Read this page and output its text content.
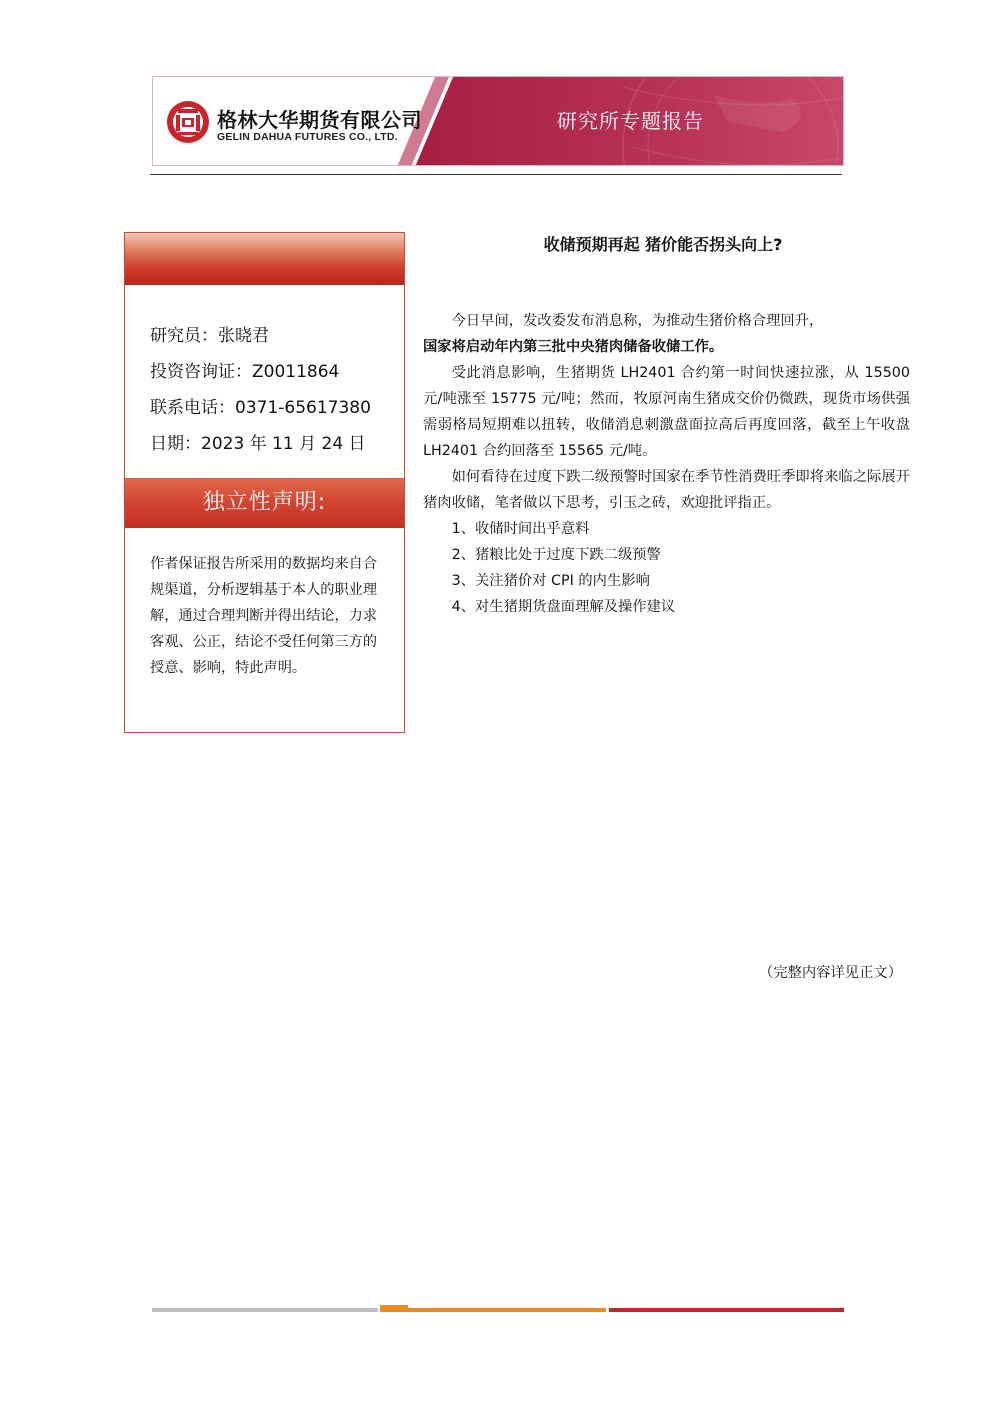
格林大华期货有限公司
GELIN DAHUA FUTURES CO., LTD.
研究所专题报告
研究员：张晓君
投资咨询证：Z0011864
联系电话：0371-65617380
日期：2023 年 11 月 24 日
独立性声明:
作者保证报告所采用的数据均来自合规渠道，分析逻辑基于本人的职业理解，通过合理判断并得出结论，力求客观、公正，结论不受任何第三方的授意、影响，特此声明。
收储预期再起 猪价能否拐头向上?

今日早间，发改委发布消息称，为推动生猪价格合理回升，

国家将启动年内第三批中央猪肉储备收储工作。

受此消息影响，生猪期货 LH2401 合约第一时间快速拉涨，从 15500 元/吨涨至 15775 元/吨；然而，牧原河南生猪成交价仍微跌，现货市场供强需弱格局短期难以扭转，收储消息刺激盘面拉高后再度回落，截至上午收盘 LH2401 合约回落至 15565 元/吨。

如何看待在过度下跌二级预警时国家在季节性消费旺季即将来临之际展开猪肉收储，笔者做以下思考，引玉之砖，欢迎批评指正。

1、收储时间出乎意料

2、猪粮比处于过度下跌二级预警

3、关注猪价对 CPI 的内生影响

4、对生猪期货盘面理解及操作建议

（完整内容详见正文）
